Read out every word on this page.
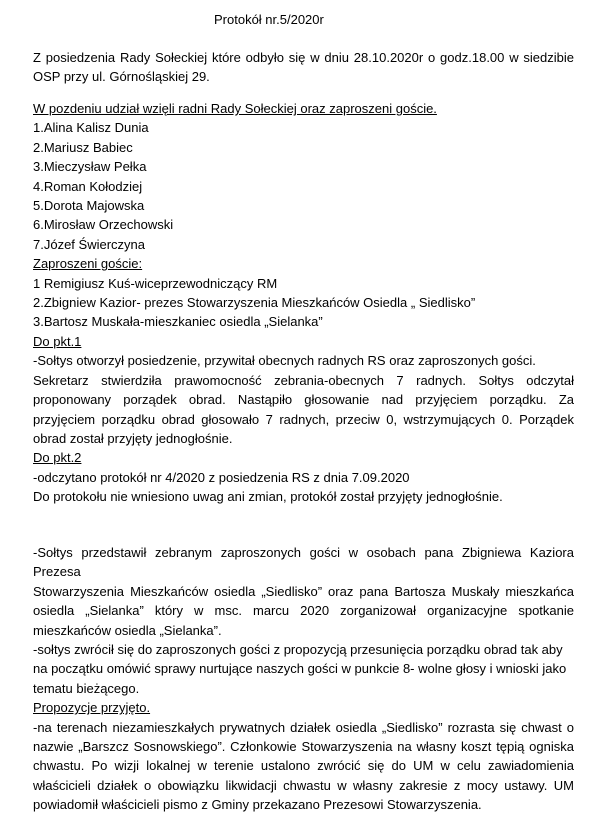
Protokół nr.5/2020r
Z posiedzenia Rady Sołeckiej które odbyło się w dniu 28.10.2020r o godz.18.00 w siedzibie
OSP przy ul. Górnośląskiej 29.
W pozdeniu udział wzięli radni Rady Sołeckiej oraz zaproszeni goście.
1.Alina Kalisz Dunia
2.Mariusz Babiec
3.Mieczysław Pełka
4.Roman Kołodziej
5.Dorota Majowska
6.Mirosław Orzechowski
7.Józef Świerczyna
Zaproszeni goście:
1 Remigiusz Kuś-wiceprzewodniczący RM
2.Zbigniew Kazior- prezes Stowarzyszenia Mieszkańców Osiedla „ Siedlisko”
3.Bartosz Muskała-mieszkaniec osiedla „Sielanka”
Do pkt.1
-Sołtys otworzył posiedzenie, przywitał obecnych radnych RS oraz zaproszonych gości.
Sekretarz stwierdziła prawomocność zebrania-obecnych 7 radnych. Sołtys odczytał
proponowany porządek obrad. Nastąpiło głosowanie nad przyjęciem porządku. Za
przyjęciem porządku obrad głosowało 7 radnych, przeciw 0, wstrzymujących 0. Porządek
obrad został przyjęty jednogłośnie.
Do pkt.2
-odczytano protokół nr 4/2020 z posiedzenia RS z dnia 7.09.2020
Do protokołu nie wniesiono uwag ani zmian, protokół został przyjęty jednogłośnie.
-Sołtys przedstawił zebranym zaproszonych gości w osobach pana Zbigniewa Kaziora Prezesa
Stowarzyszenia Mieszkańców osiedla „Siedlisko” oraz pana Bartosza Muskały mieszkańca
osiedla „Sielanka” który w msc. marcu 2020 zorganizował organizacyjne spotkanie
mieszkańców osiedla „Sielanka”.
-sołtys zwrócił się do zaproszonych gości z propozycją przesunięcia porządku obrad tak aby
na początku omówić sprawy nurtujące naszych gości w punkcie 8- wolne głosy i wnioski jako
tematu bieżącego.
Propozycje przyjęto.
-na terenach niezamieszkałych prywatnych działek osiedla „Siedlisko” rozrasta się chwast o
nazwie „Barszcz Sosnowskiego”. Członkowie Stowarzyszenia na własny koszt tępią ogniska
chwastu. Po wizji lokalnej w terenie ustalono zwrócić się do UM w celu zawiadomienia
właścicieli działek o obowiązku likwidacji chwastu w własny zakresie z mocy ustawy. UM
powiadomił właścicieli pismo z Gminy przekazano Prezesowi Stowarzyszenia.
